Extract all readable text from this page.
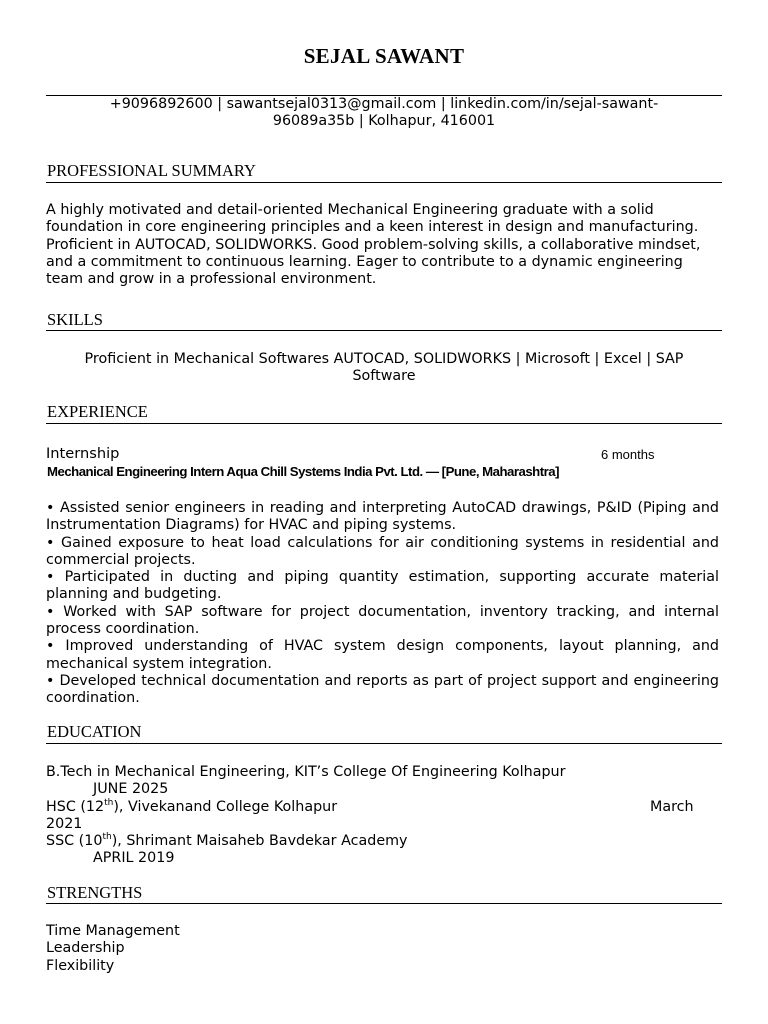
SEJAL SAWANT
+9096892600 | sawantsejal0313@gmail.com | linkedin.com/in/sejal-sawant-
96089a35b | Kolhapur, 416001
PROFESSIONAL SUMMARY
A highly motivated and detail-oriented Mechanical Engineering graduate with a solid foundation in core engineering principles and a keen interest in design and manufacturing. Proficient in AUTOCAD, SOLIDWORKS. Good problem-solving skills, a collaborative mindset, and a commitment to continuous learning. Eager to contribute to a dynamic engineering team and grow in a professional environment.
SKILLS
Proficient in Mechanical Softwares AUTOCAD, SOLIDWORKS | Microsoft | Excel | SAP
Software
EXPERIENCE
Internship	6 months
Mechanical Engineering Intern Aqua Chill Systems India Pvt. Ltd. — [Pune, Maharashtra]
• Assisted senior engineers in reading and interpreting AutoCAD drawings, P&ID (Piping and Instrumentation Diagrams) for HVAC and piping systems.
• Gained exposure to heat load calculations for air conditioning systems in residential and commercial projects.
• Participated in ducting and piping quantity estimation, supporting accurate material planning and budgeting.
• Worked with SAP software for project documentation, inventory tracking, and internal process coordination.
• Improved understanding of HVAC system design components, layout planning, and mechanical system integration.
• Developed technical documentation and reports as part of project support and engineering coordination.
EDUCATION
B.Tech in Mechanical Engineering, KIT’s College Of Engineering Kolhapur
JUNE 2025
HSC (12th), Vivekanand College Kolhapur	March
2021
SSC (10th), Shrimant Maisaheb Bavdekar Academy
APRIL 2019
STRENGTHS
Time Management
Leadership
Flexibility
